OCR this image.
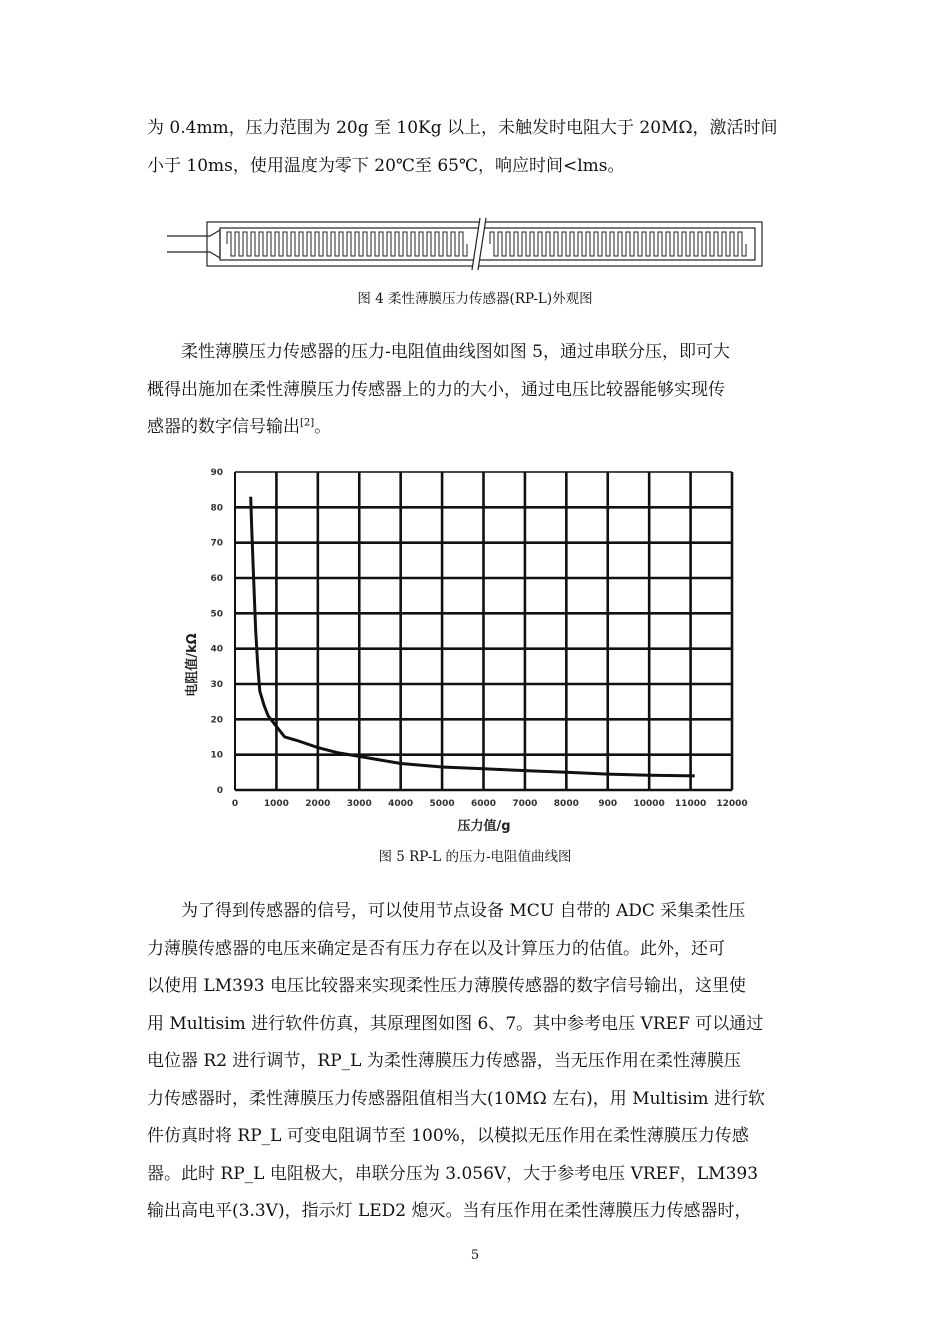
为 0.4mm，压力范围为 20g 至 10Kg 以上，未触发时电阻大于 20MΩ，激活时间
小于 10ms，使用温度为零下 20℃至 65℃，响应时间<lms。
图 4 柔性薄膜压力传感器(RP-L)外观图
柔性薄膜压力传感器的压力-电阻值曲线图如图 5，通过串联分压，即可大
概得出施加在柔性薄膜压力传感器上的力的大小，通过电压比较器能够实现传
感器的数字信号输出[2]。
0
10
20
30
40
50
60
70
80
90
0	1000 2000 3000 4000 5000 6000 7000 8000 900 10000 11000 12000
电阻值/kΩ
压力值/g
图 5 RP-L 的压力-电阻值曲线图
为了得到传感器的信号，可以使用节点设备 MCU 自带的 ADC 采集柔性压
力薄膜传感器的电压来确定是否有压力存在以及计算压力的估值。此外，还可
以使用 LM393 电压比较器来实现柔性压力薄膜传感器的数字信号输出，这里使
用 Multisim 进行软件仿真，其原理图如图 6、7。其中参考电压 VREF 可以通过
电位器 R2 进行调节，RP_L 为柔性薄膜压力传感器，当无压作用在柔性薄膜压
力传感器时，柔性薄膜压力传感器阻值相当大(10MΩ 左右)，用 Multisim 进行软
件仿真时将 RP_L 可变电阻调节至 100%，以模拟无压作用在柔性薄膜压力传感
器。此时 RP_L 电阻极大，串联分压为 3.056V，大于参考电压 VREF，LM393
输出高电平(3.3V)，指示灯 LED2 熄灭。当有压作用在柔性薄膜压力传感器时，
5
